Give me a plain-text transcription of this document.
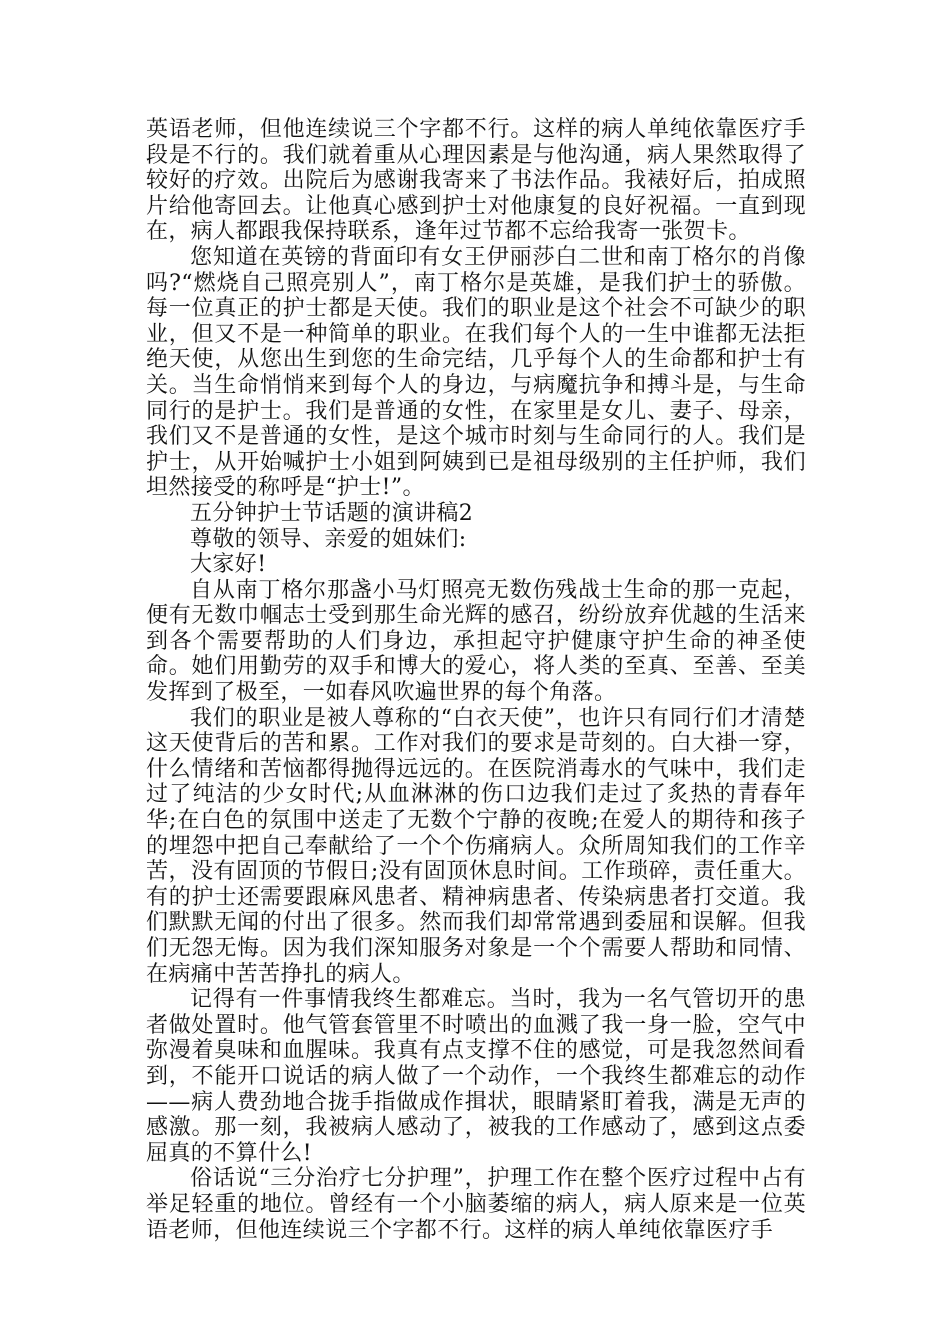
英语老师，但他连续说三个字都不行。这样的病人单纯依靠医疗手段是不行的。我们就着重从心理因素是与他沟通，病人果然取得了较好的疗效。出院后为感谢我寄来了书法作品。我裱好后，拍成照片给他寄回去。让他真心感到护士对他康复的良好祝福。一直到现在，病人都跟我保持联系，逢年过节都不忘给我寄一张贺卡。

您知道在英镑的背面印有女王伊丽莎白二世和南丁格尔的肖像吗?“燃烧自己照亮别人”，南丁格尔是英雄，是我们护士的骄傲。每一位真正的护士都是天使。我们的职业是这个社会不可缺少的职业，但又不是一种简单的职业。在我们每个人的一生中谁都无法拒绝天使，从您出生到您的生命完结，几乎每个人的生命都和护士有关。当生命悄悄来到每个人的身边，与病魔抗争和搏斗是，与生命同行的是护士。我们是普通的女性，在家里是女儿、妻子、母亲，我们又不是普通的女性，是这个城市时刻与生命同行的人。我们是护士，从开始喊护士小姐到阿姨到已是祖母级别的主任护师，我们坦然接受的称呼是“护士!”。

五分钟护士节话题的演讲稿2

尊敬的领导、亲爱的姐妹们:

大家好!

自从南丁格尔那盏小马灯照亮无数伤残战士生命的那一克起，便有无数巾帼志士受到那生命光辉的感召，纷纷放弃优越的生活来到各个需要帮助的人们身边，承担起守护健康守护生命的神圣使命。她们用勤劳的双手和博大的爱心，将人类的至真、至善、至美发挥到了极至，一如春风吹遍世界的每个角落。

我们的职业是被人尊称的“白衣天使”，也许只有同行们才清楚这天使背后的苦和累。工作对我们的要求是苛刻的。白大褂一穿，什么情绪和苦恼都得抛得远远的。在医院消毒水的气味中，我们走过了纯洁的少女时代;从血淋淋的伤口边我们走过了炙热的青春年华;在白色的氛围中送走了无数个宁静的夜晚;在爱人的期待和孩子的埋怨中把自己奉献给了一个个伤痛病人。众所周知我们的工作辛苦，没有固顶的节假日;没有固顶休息时间。工作琐碎，责任重大。有的护士还需要跟麻风患者、精神病患者、传染病患者打交道。我们默默无闻的付出了很多。然而我们却常常遇到委屈和误解。但我们无怨无悔。因为我们深知服务对象是一个个需要人帮助和同情、在病痛中苦苦挣扎的病人。

记得有一件事情我终生都难忘。当时，我为一名气管切开的患者做处置时。他气管套管里不时喷出的血溅了我一身一脸，空气中弥漫着臭味和血腥味。我真有点支撑不住的感觉，可是我忽然间看到，不能开口说话的病人做了一个动作，一个我终生都难忘的动作——病人费劲地合拢手指做成作揖状，眼睛紧盯着我，满是无声的感激。那一刻，我被病人感动了，被我的工作感动了，感到这点委屈真的不算什么!

俗话说“三分治疗七分护理”，护理工作在整个医疗过程中占有举足轻重的地位。曾经有一个小脑萎缩的病人，病人原来是一位英语老师，但他连续说三个字都不行。这样的病人单纯依靠医疗手
